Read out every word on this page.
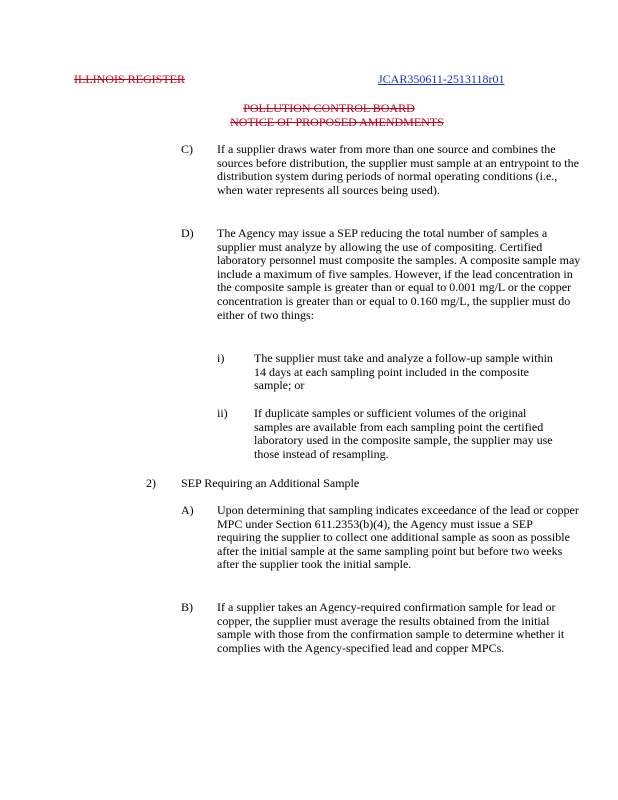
ILLINOIS REGISTER	JCAR350611-2513118r01
POLLUTION CONTROL BOARD
NOTICE OF PROPOSED AMENDMENTS
C) If a supplier draws water from more than one source and combines the sources before distribution, the supplier must sample at an entrypoint to the distribution system during periods of normal operating conditions (i.e., when water represents all sources being used).
D) The Agency may issue a SEP reducing the total number of samples a supplier must analyze by allowing the use of compositing. Certified laboratory personnel must composite the samples. A composite sample may include a maximum of five samples. However, if the lead concentration in the composite sample is greater than or equal to 0.001 mg/L or the copper concentration is greater than or equal to 0.160 mg/L, the supplier must do either of two things:
i) The supplier must take and analyze a follow-up sample within 14 days at each sampling point included in the composite sample; or
ii) If duplicate samples or sufficient volumes of the original samples are available from each sampling point the certified laboratory used in the composite sample, the supplier may use those instead of resampling.
2) SEP Requiring an Additional Sample
A) Upon determining that sampling indicates exceedance of the lead or copper MPC under Section 611.2353(b)(4), the Agency must issue a SEP requiring the supplier to collect one additional sample as soon as possible after the initial sample at the same sampling point but before two weeks after the supplier took the initial sample.
B) If a supplier takes an Agency-required confirmation sample for lead or copper, the supplier must average the results obtained from the initial sample with those from the confirmation sample to determine whether it complies with the Agency-specified lead and copper MPCs.
